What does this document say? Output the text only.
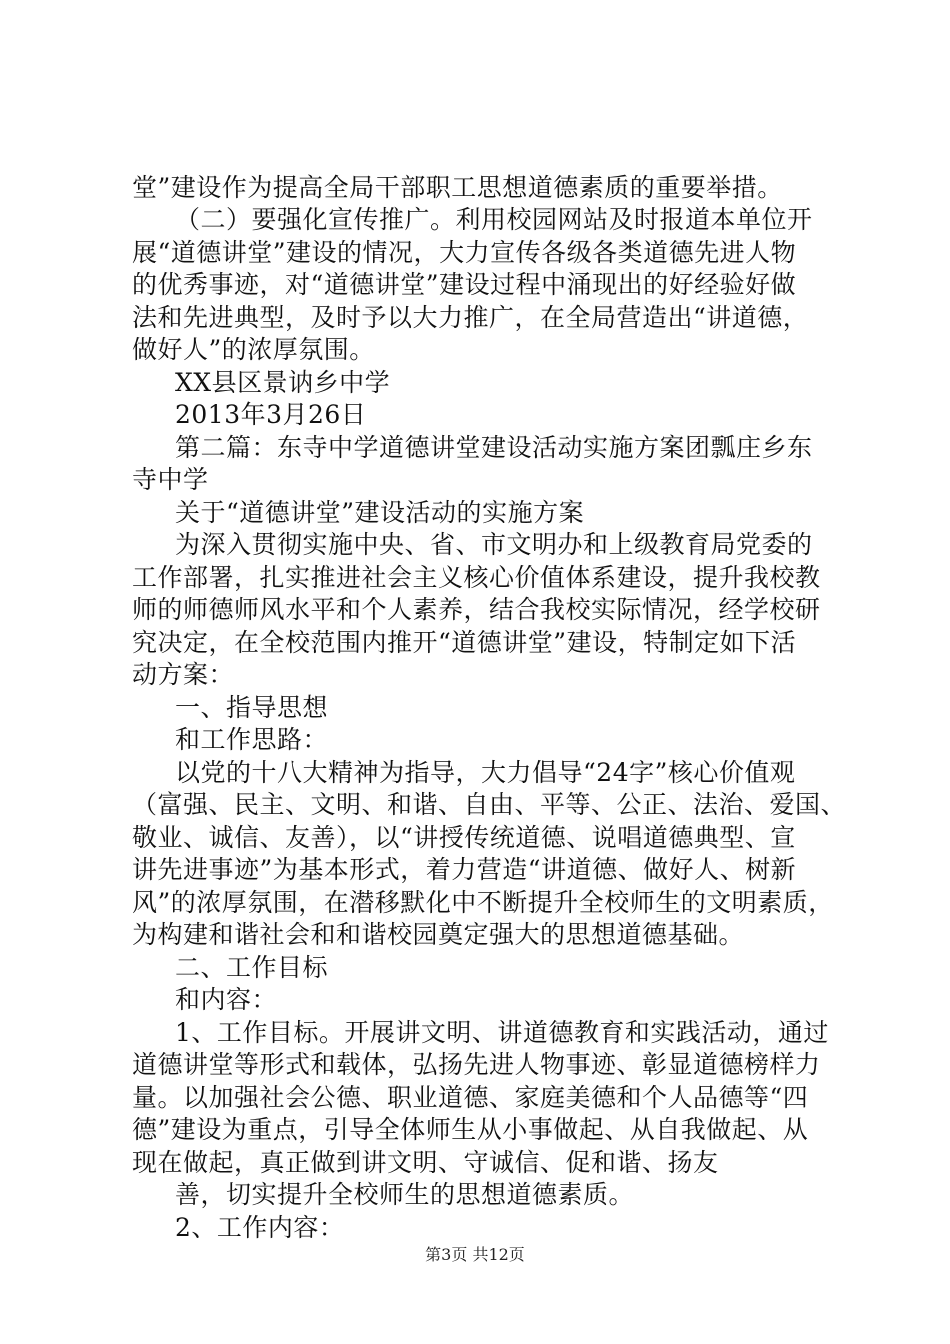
堂”建设作为提高全局干部职工思想道德素质的重要举措。
（二）要强化宣传推广。利用校园网站及时报道本单位开
展“道德讲堂”建设的情况，大力宣传各级各类道德先进人物
的优秀事迹，对“道德讲堂”建设过程中涌现出的好经验好做
法和先进典型，及时予以大力推广，在全局营造出“讲道德，
做好人”的浓厚氛围。
XX县区景讷乡中学
2013年3月26日
第二篇：东寺中学道德讲堂建设活动实施方案团瓢庄乡东
寺中学
关于“道德讲堂”建设活动的实施方案
为深入贯彻实施中央、省、市文明办和上级教育局党委的
工作部署，扎实推进社会主义核心价值体系建设，提升我校教
师的师德师风水平和个人素养，结合我校实际情况，经学校研
究决定，在全校范围内推开“道德讲堂”建设，特制定如下活
动方案：
一、指导思想
和工作思路：
以党的十八大精神为指导，大力倡导“24字”核心价值观
（富强、民主、文明、和谐、自由、平等、公正、法治、爱国、
敬业、诚信、友善），以“讲授传统道德、说唱道德典型、宣
讲先进事迹”为基本形式，着力营造“讲道德、做好人、树新
风”的浓厚氛围，在潜移默化中不断提升全校师生的文明素质，
为构建和谐社会和和谐校园奠定强大的思想道德基础。
二、工作目标
和内容：
1、工作目标。开展讲文明、讲道德教育和实践活动，通过
道德讲堂等形式和载体，弘扬先进人物事迹、彰显道德榜样力
量。以加强社会公德、职业道德、家庭美德和个人品德等“四
德”建设为重点，引导全体师生从小事做起、从自我做起、从
现在做起，真正做到讲文明、守诚信、促和谐、扬友
善，切实提升全校师生的思想道德素质。
2、工作内容：
第3页 共12页
